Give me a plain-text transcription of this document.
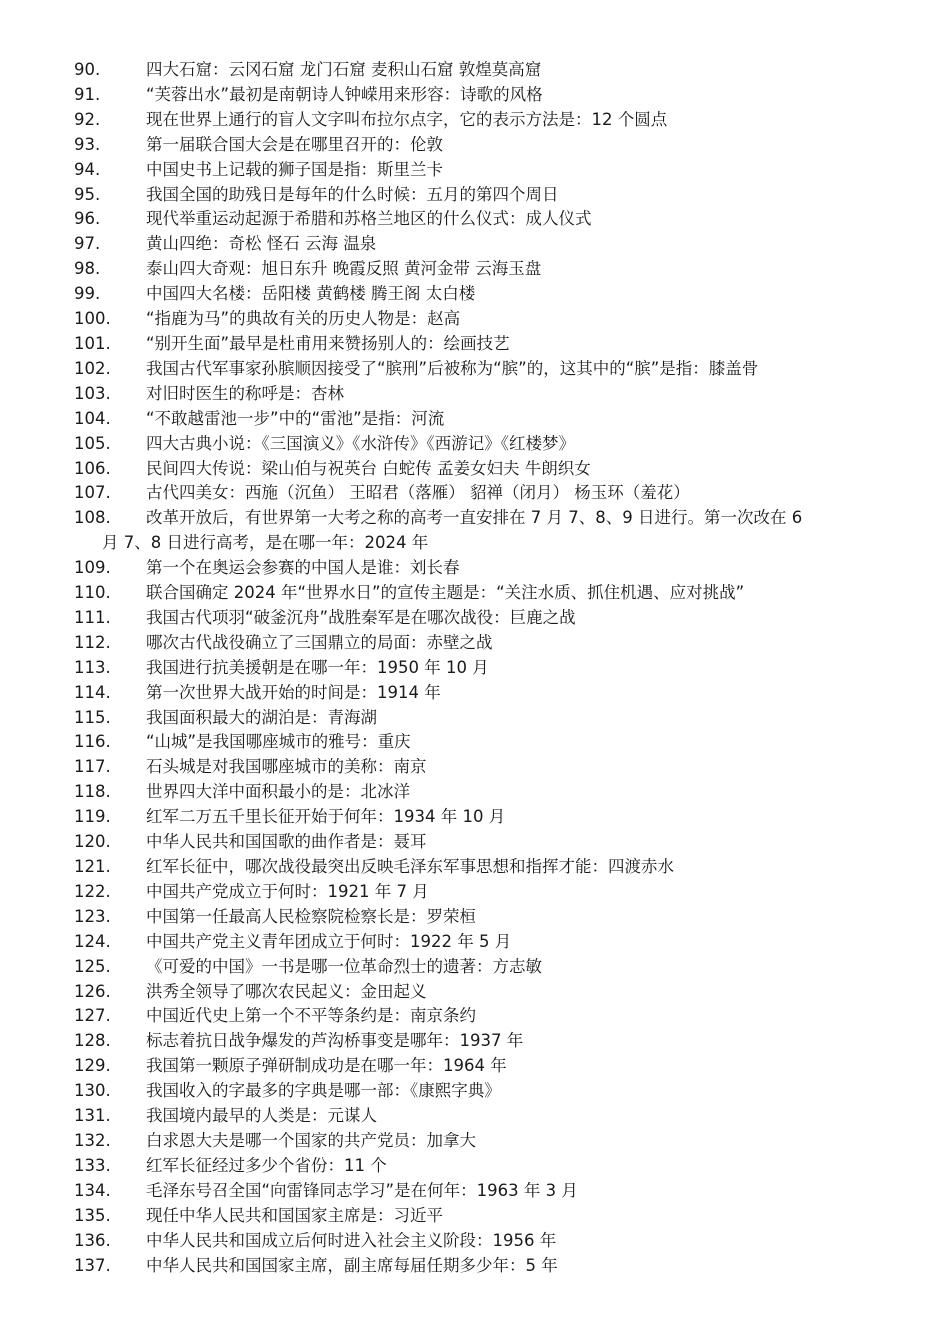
90.	四大石窟：云冈石窟 龙门石窟 麦积山石窟 敦煌莫高窟
91.	“芙蓉出水”最初是南朝诗人钟嵘用来形容：诗歌的风格
92.	现在世界上通行的盲人文字叫布拉尔点字，它的表示方法是：12 个圆点
93.	第一届联合国大会是在哪里召开的：伦敦
94.	中国史书上记载的狮子国是指：斯里兰卡
95.	我国全国的助残日是每年的什么时候：五月的第四个周日
96.	现代举重运动起源于希腊和苏格兰地区的什么仪式：成人仪式
97.	黄山四绝：奇松 怪石 云海 温泉
98.	泰山四大奇观：旭日东升 晚霞反照 黄河金带 云海玉盘
99.	中国四大名楼：岳阳楼 黄鹤楼 腾王阁 太白楼
100. “指鹿为马”的典故有关的历史人物是：赵高
101. “别开生面”最早是杜甫用来赞扬别人的：绘画技艺
102. 我国古代军事家孙膑顺因接受了“膑刑”后被称为“膑”的，这其中的“膑”是指：膝盖骨
103. 对旧时医生的称呼是：杏林
104. “不敢越雷池一步”中的“雷池”是指：河流
105. 四大古典小说：《三国演义》《水浒传》《西游记》《红楼梦》
106. 民间四大传说：梁山伯与祝英台 白蛇传 孟姜女妇夫 牛朗织女
107. 古代四美女：西施（沉鱼） 王昭君（落雁） 貂禅（闭月） 杨玉环（羞花）
108. 改革开放后，有世界第一大考之称的高考一直安排在 7 月 7、8、9 日进行。第一次改在 6
月 7、8 日进行高考，是在哪一年：2024 年
109. 第一个在奥运会参赛的中国人是谁：刘长春
110. 联合国确定 2024 年“世界水日”的宣传主题是：“关注水质、抓住机遇、应对挑战”
111. 我国古代项羽“破釜沉舟”战胜秦军是在哪次战役：巨鹿之战
112. 哪次古代战役确立了三国鼎立的局面：赤壁之战
113. 我国进行抗美援朝是在哪一年：1950 年 10 月
114. 第一次世界大战开始的时间是：1914 年
115. 我国面积最大的湖泊是：青海湖
116. “山城”是我国哪座城市的雅号：重庆
117. 石头城是对我国哪座城市的美称：南京
118. 世界四大洋中面积最小的是：北冰洋
119. 红军二万五千里长征开始于何年：1934 年 10 月
120. 中华人民共和国国歌的曲作者是：聂耳
121. 红军长征中，哪次战役最突出反映毛泽东军事思想和指挥才能：四渡赤水
122. 中国共产党成立于何时：1921 年 7 月
123. 中国第一任最高人民检察院检察长是：罗荣桓
124. 中国共产党主义青年团成立于何时：1922 年 5 月
125. 《可爱的中国》一书是哪一位革命烈士的遗著：方志敏
126. 洪秀全领导了哪次农民起义：金田起义
127. 中国近代史上第一个不平等条约是：南京条约
128. 标志着抗日战争爆发的芦沟桥事变是哪年：1937 年
129. 我国第一颗原子弹研制成功是在哪一年：1964 年
130. 我国收入的字最多的字典是哪一部：《康熙字典》
131. 我国境内最早的人类是：元谋人
132. 白求恩大夫是哪一个国家的共产党员：加拿大
133. 红军长征经过多少个省份：11 个
134. 毛泽东号召全国“向雷锋同志学习”是在何年：1963 年 3 月
135. 现任中华人民共和国国家主席是：习近平
136. 中华人民共和国成立后何时进入社会主义阶段：1956 年
137. 中华人民共和国国家主席，副主席每届任期多少年：5 年
